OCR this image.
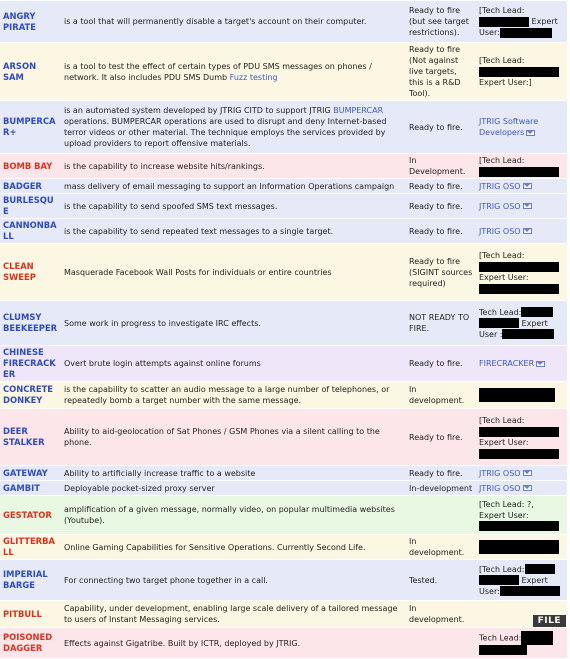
ANGRY PIRATE	is a tool that will permanently disable a target's account on their computer.	Ready to fire (but see target restrictions).	[Tech Lead:
Expert
User:

ARSON SAM	is a tool to test the effect of certain types of PDU SMS messages on phones / network. It also includes PDU SMS Dumb Fuzz testing	Ready to fire (Not against live targets, this is a R&D Tool).	[Tech Lead:
Expert User:]

BUMPERCAR+	is an automated system developed by JTRIG CITD to support JTRIG BUMPERCAR operations. BUMPERCAR operations are used to disrupt and deny Internet-based terror videos or other material. The technique employs the services provided by upload providers to report offensive materials.	Ready to fire.	JTRIG Software Developers
BOMB BAY	is the capability to increase website hits/rankings.	In Development.	[Tech Lead:

BADGER	mass delivery of email messaging to support an Information Operations campaign	Ready to fire.	JTRIG OSO
BURLESQUE	is the capability to send spoofed SMS text messages.	Ready to fire.	JTRIG OSO
CANNONBALL	is the capability to send repeated text messages to a single target.	Ready to fire.	JTRIG OSO
CLEAN SWEEP	Masquerade Facebook Wall Posts for individuals or entire countries	Ready to fire (SIGINT sources required)	[Tech Lead:
Expert User:

CLUMSY BEEKEEPER	Some work in progress to investigate IRC effects.	NOT READY TO FIRE.	Tech Lead:
Expert
User :

CHINESE FIRECRACKER	Overt brute login attempts against online forums	Ready to fire.	FIRECRACKER
CONCRETE DONKEY	is the capability to scatter an audio message to a large number of telephones, or repeatedly bomb a target number with the same message.	In development.	
DEER STALKER	Ability to aid-geolocation of Sat Phones / GSM Phones via a silent calling to the phone.	Ready to fire.	[Tech Lead:
Expert User:

GATEWAY	Ability to artificially increase traffic to a website	Ready to fire.	JTRIG OSO
GAMBIT	Deployable pocket-sized proxy server	In-development	JTRIG OSO
GESTATOR	amplification of a given message, normally video, on popular multimedia websites (Youtube).		[Tech Lead: ?,
Expert User:

GLITTERBALL	Online Gaming Capabilities for Sensitive Operations. Currently Second Life.	In development.	
IMPERIAL BARGE	For connecting two target phone together in a call.	Tested.	[Tech Lead:
Expert
User:

PITBULL	Capability, under development, enabling large scale delivery of a tailored message to users of Instant Messaging services.	In development.	
POISONED DAGGER	Effects against Gigatribe. Built by ICTR, deployed by JTRIG.		Tech Lead:
FILE
